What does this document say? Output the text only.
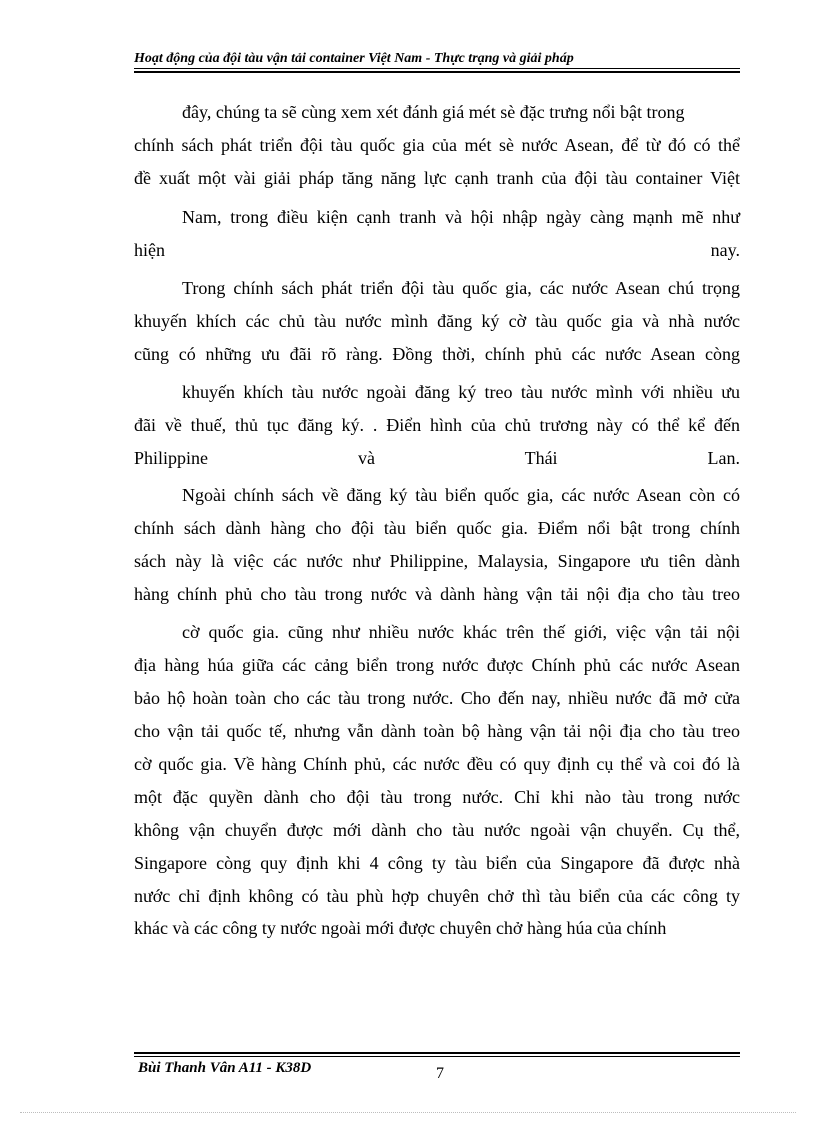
Hoạt động của đội tàu vận tải container Việt Nam - Thực trạng và giải pháp
đây, chúng ta sẽ cùng xem xét đánh giá mét sè đặc trưng nổi bật trong
chính sách phát triển đội tàu quốc gia của mét sè nước Asean, để từ đó có thể
đề xuất một vài giải pháp tăng năng lực cạnh tranh của đội tàu container Việt
Nam, trong điều kiện cạnh tranh và hội nhập ngày càng mạnh mẽ như
hiện nay.
Trong chính sách phát triển đội tàu quốc gia, các nước Asean chú trọng
khuyến khích các chủ tàu nước mình đăng ký cờ tàu quốc gia và nhà nước
cũng có những ưu đãi rõ ràng. Đồng thời, chính phủ các nước Asean còng
khuyến khích tàu nước ngoài đăng ký treo tàu nước mình với nhiều ưu
đãi về thuế, thủ tục đăng ký. . Điển hình của chủ trương này có thể kể đến
Philippine và Thái Lan.
Ngoài chính sách về đăng ký tàu biển quốc gia, các nước Asean còn có
chính sách dành hàng cho đội tàu biển quốc gia. Điểm nổi bật trong chính
sách này là việc các nước như Philippine, Malaysia, Singapore ưu tiên dành
hàng chính phủ cho tàu trong nước và dành hàng vận tải nội địa cho tàu treo
cờ quốc gia. cũng như nhiều nước khác trên thế giới, việc vận tải nội
địa hàng húa giữa các cảng biển trong nước được Chính phủ các nước Asean
bảo hộ hoàn toàn cho các tàu trong nước. Cho đến nay, nhiều nước đã mở cửa
cho vận tải quốc tế, nhưng vẫn dành toàn bộ hàng vận tải nội địa cho tàu treo
cờ quốc gia. Về hàng Chính phủ, các nước đều có quy định cụ thể và coi đó là
một đặc quyền dành cho đội tàu trong nước. Chỉ khi nào tàu trong nước
không vận chuyển được mới dành cho tàu nước ngoài vận chuyển. Cụ thể,
Singapore còng quy định khi 4 công ty tàu biển của Singapore đã được nhà
nước chỉ định không có tàu phù hợp chuyên chở thì tàu biển của các công ty
khác và các công ty nước ngoài mới được chuyên chở hàng húa của chính
Bùi Thanh Vân A11 - K38D	7
